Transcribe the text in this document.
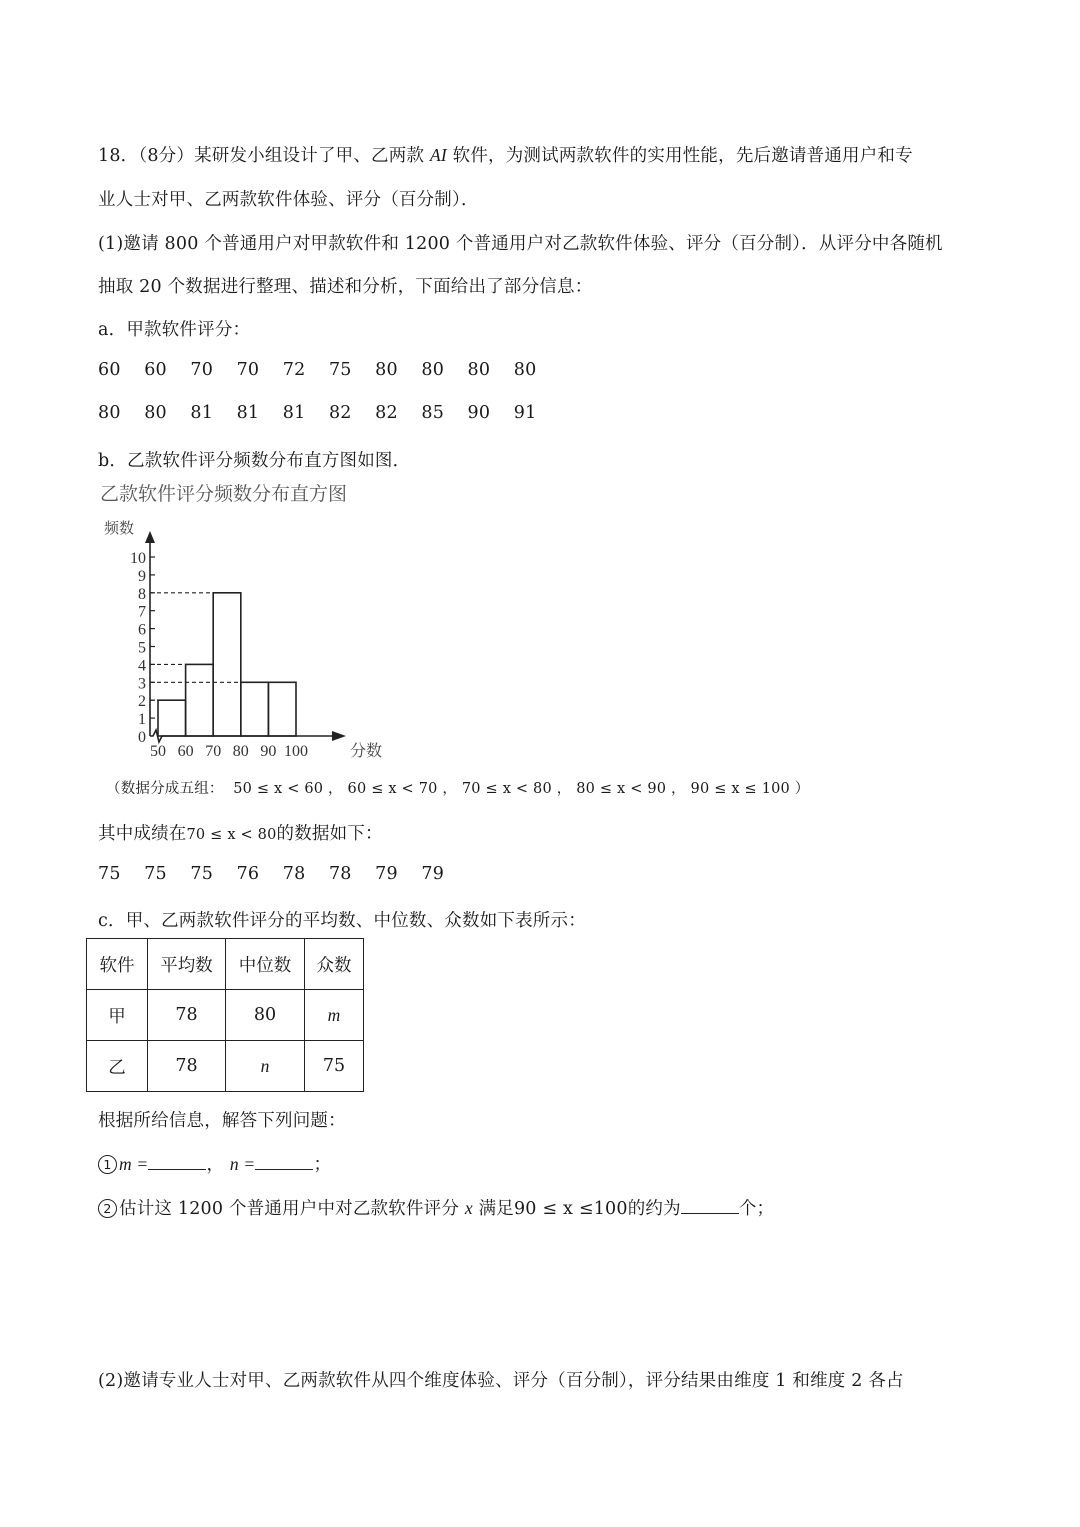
18．（8分）某研发小组设计了甲、乙两款 AI 软件，为测试两款软件的实用性能，先后邀请普通用户和专
业人士对甲、乙两款软件体验、评分（百分制）．
(1)邀请 800 个普通用户对甲款软件和 1200 个普通用户对乙款软件体验、评分（百分制）．从评分中各随机
抽取 20 个数据进行整理、描述和分析，下面给出了部分信息：
a．甲款软件评分：
60  60  70  70  72  75  80  80  80  80
80  80  81  81  81  82  82  85  90  91
b．乙款软件评分频数分布直方图如图．
乙款软件评分频数分布直方图
频数
分数
0
1
2
3
4
5
6
7
8
9
10
50 60 70 80 90 100
（数据分成五组：  50 ≤ x < 60 ， 60 ≤ x < 70 ， 70 ≤ x < 80 ， 80 ≤ x < 90 ， 90 ≤ x ≤ 100 ）
其中成绩在70 ≤ x < 80的数据如下：
75  75  75  76  78  78  79  79
c．甲、乙两款软件评分的平均数、中位数、众数如下表所示：
软件	平均数	中位数	众数
甲	78	80	m
乙	78	n	75
根据所给信息，解答下列问题：
1 m =	， n =	；
2 估计这 1200 个普通用户中对乙款软件评分 x 满足90 ≤ x ≤100的约为	个；
(2)邀请专业人士对甲、乙两款软件从四个维度体验、评分（百分制），评分结果由维度 1 和维度 2 各占
